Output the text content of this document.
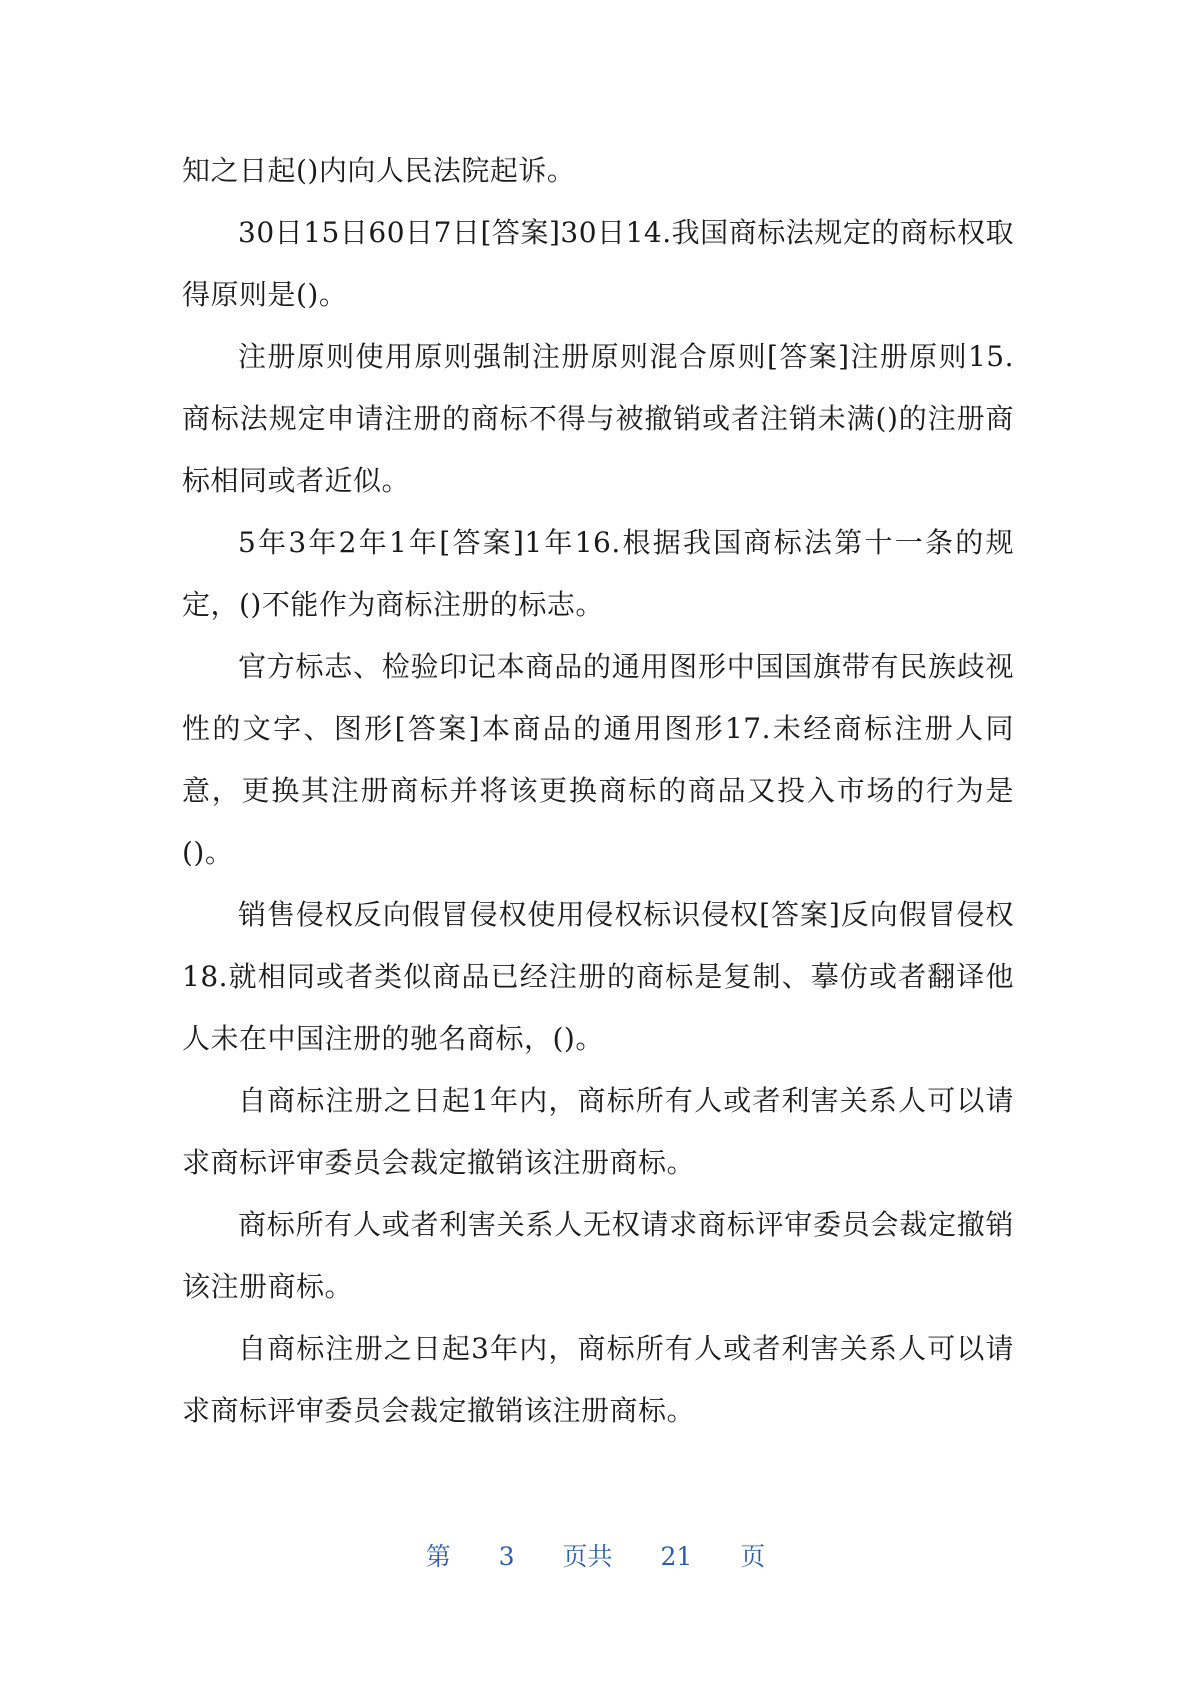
知之日起()内向人民法院起诉。

30日15日60日7日[答案]30日14.我国商标法规定的商标权取得原则是()。

注册原则使用原则强制注册原则混合原则[答案]注册原则15.商标法规定申请注册的商标不得与被撤销或者注销未满()的注册商标相同或者近似。

5年3年2年1年[答案]1年16.根据我国商标法第十一条的规定，()不能作为商标注册的标志。

官方标志、检验印记本商品的通用图形中国国旗带有民族歧视性的文字、图形[答案]本商品的通用图形17.未经商标注册人同意，更换其注册商标并将该更换商标的商品又投入市场的行为是()。

销售侵权反向假冒侵权使用侵权标识侵权[答案]反向假冒侵权18.就相同或者类似商品已经注册的商标是复制、摹仿或者翻译他人未在中国注册的驰名商标，()。

自商标注册之日起1年内，商标所有人或者利害关系人可以请求商标评审委员会裁定撤销该注册商标。

商标所有人或者利害关系人无权请求商标评审委员会裁定撤销该注册商标。

自商标注册之日起3年内，商标所有人或者利害关系人可以请求商标评审委员会裁定撤销该注册商标。

第 3 页共 21 页
